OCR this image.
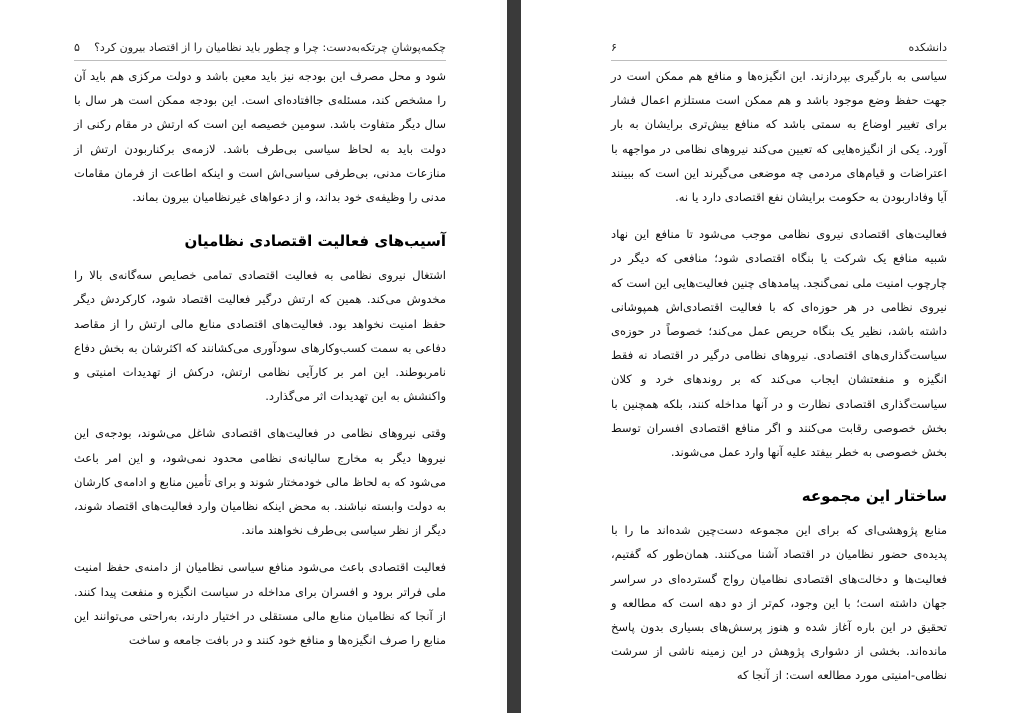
چکمه‌پوشانِ چرتکه‌به‌دست: چرا و چطور باید نظامیان را از اقتصاد بیرون کرد؟
۵

شود و محل مصرف این بودجه نیز باید معین باشد و دولت مرکزی هم باید آن را مشخص کند، مسئله‌ی جاافتاده‌ای است. این بودجه ممکن است هر سال با سال دیگر متفاوت باشد. سومین خصیصه این است که ارتش در مقام رکنی از دولت باید به لحاظ سیاسی بی‌طرف باشد. لازمه‌ی برکناربودن ارتش از منازعات مدنی، بی‌طرفی سیاسی‌اش است و اینکه اطاعت از فرمان مقامات مدنی را وظیفه‌ی خود بداند، و از دعواهای غیرنظامیان بیرون بماند.

آسیب‌های فعالیت اقتصادی نظامیان

اشتغال نیروی نظامی به فعالیت اقتصادی تمامی خصایص سه‌گانه‌ی بالا را مخدوش می‌کند. همین که ارتش درگیر فعالیت اقتصاد شود، کارکردش دیگر حفظ امنیت نخواهد بود. فعالیت‌های اقتصادی منابع مالی ارتش را از مقاصد دفاعی به سمت کسب‌وکارهای سودآوری می‌کشانند که اکثرشان به بخش دفاع نامربوطند. این امر بر کارآیی نظامی ارتش، درکش از تهدیدات امنیتی و واکنشش به این تهدیدات اثر می‌گذارد.

وقتی نیروهای نظامی در فعالیت‌های اقتصادی شاغل می‌شوند، بودجه‌ی این نیروها دیگر به مخارج سالیانه‌ی نظامی محدود نمی‌شود، و این امر باعث می‌شود که به لحاظ مالی خودمختار شوند و برای تأمین منابع و ادامه‌ی کارشان به دولت وابسته نباشند. به محض اینکه نظامیان وارد فعالیت‌های اقتصاد شوند، دیگر از نظر سیاسی بی‌طرف نخواهند ماند.

فعالیت اقتصادی باعث می‌شود منافع سیاسی نظامیان از دامنه‌ی حفظ امنیت ملی فراتر برود و افسران برای مداخله در سیاست انگیزه و منفعت پیدا کنند. از آنجا که نظامیان منابع مالی مستقلی در اختیار دارند، به‌راحتی می‌توانند این منابع را صرف انگیزه‌ها و منافع خود کنند و در بافت جامعه و ساخت

دانشکده
۶

سیاسی به بارگیری بپردازند. این انگیزه‌ها و منافع هم ممکن است در جهت حفظ وضع موجود باشد و هم ممکن است مستلزم اعمال فشار برای تغییر اوضاع به سمتی باشد که منافع بیش‌تری برایشان به بار آورد. یکی از انگیزه‌هایی که تعیین می‌کند نیروهای نظامی در مواجهه با اعتراضات و قیام‌های مردمی چه موضعی می‌گیرند این است که ببینند آیا وفاداربودن به حکومت برایشان نفع اقتصادی دارد یا نه.

فعالیت‌های اقتصادی نیروی نظامی موجب می‌شود تا منافع این نهاد شبیه منافع یک شرکت یا بنگاه اقتصادی شود؛ منافعی که دیگر در چارچوب امنیت ملی نمی‌گنجد. پیامدهای چنین فعالیت‌هایی این است که نیروی نظامی در هر حوزه‌ای که با فعالیت اقتصادی‌اش همپوشانی داشته باشد، نظیر یک بنگاه حریص عمل می‌کند؛ خصوصاً در حوزه‌ی سیاست‌گذاری‌های اقتصادی. نیروهای نظامی درگیر در اقتصاد نه فقط انگیزه و منفعتشان ایجاب می‌کند که بر روندهای خرد و کلان سیاست‌گذاری اقتصادی نظارت و در آنها مداخله کنند، بلکه همچنین با بخش خصوصی رقابت می‌کنند و اگر منافع اقتصادی افسران توسط بخش خصوصی به خطر بیفتد علیه آنها وارد عمل می‌شوند.

ساختار این مجموعه

منابع پژوهشی‌ای که برای این مجموعه دست‌چین شده‌اند ما را با پدیده‌ی حضور نظامیان در اقتصاد آشنا می‌کنند. همان‌طور که گفتیم، فعالیت‌ها و دخالت‌های اقتصادی نظامیان رواج گسترده‌ای در سراسر جهان داشته است؛ با این وجود، کم‌تر از دو دهه است که مطالعه و تحقیق در این باره آغاز شده و هنوز پرسش‌های بسیاری بدون پاسخ مانده‌اند. بخشی از دشواری پژوهش در این زمینه ناشی از سرشت نظامی-امنیتی مورد مطالعه است: از آنجا که
